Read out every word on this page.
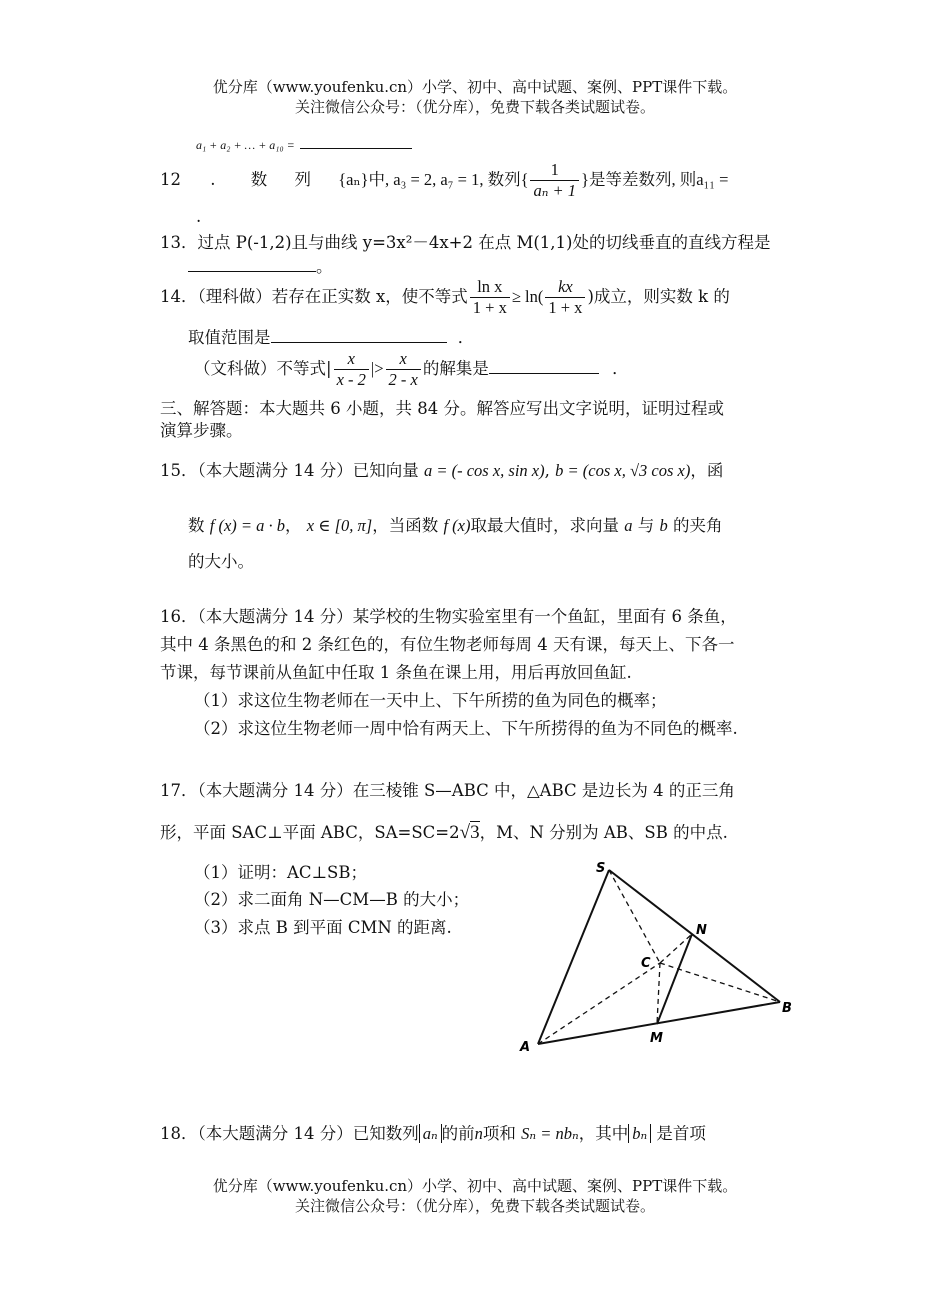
优分库（www.youfenku.cn）小学、初中、高中试题、案例、PPT课件下载。
关注微信公众号：（优分库），免费下载各类试题试卷。
a₁ + a₂ + … + a₁₀ =
12 . 数 列 {aₙ}中, a₃ = 2, a₇ = 1, 数列{ $\frac{1}{\text{aₙ + 1}}$ }是等差数列, 则a₁₁ =
.
13．过点 P(-1,2)且与曲线 y=3x²－4x+2 在点 M(1,1)处的切线垂直的直线方程是
。
14．（理科做）若存在正实数 x，使不等式 $\frac{\text{ln x}}{1 + x} \ge \ln( \frac{kx}{1 + x}$ )成立，则实数 k 的
取值范围是	．
（文科做）不等式| $\frac{x}{x - 2}$ |> $\frac{x}{2 - x}$ 的解集是	．
三、解答题：本大题共 6 小题，共 84 分。解答应写出文字说明，证明过程或
演算步骤。
15．（本大题满分 14 分）已知向量 a = (- cos x, sin x), b = (cos x, √3 cos x)，函
数 f (x) = a · b， x ∈ [0, π]，当函数 f (x)取最大值时，求向量 a 与 b 的夹角
的大小。
16．（本大题满分 14 分）某学校的生物实验室里有一个鱼缸，里面有 6 条鱼，
其中 4 条黑色的和 2 条红色的，有位生物老师每周 4 天有课，每天上、下各一
节课，每节课前从鱼缸中任取 1 条鱼在课上用，用后再放回鱼缸.
（1）求这位生物老师在一天中上、下午所捞的鱼为同色的概率；
（2）求这位生物老师一周中恰有两天上、下午所捞得的鱼为不同色的概率.
17．（本大题满分 14 分）在三棱锥 S—ABC 中，△ABC 是边长为 4 的正三角
形，平面 SAC⊥平面 ABC，SA=SC=2√3，M、N 分别为 AB、SB 的中点.
（1）证明：AC⊥SB；
（2）求二面角 N—CM—B 的大小；
（3）求点 B 到平面 CMN 的距离.
S
N
C
B
A
M
18．（本大题满分 14 分）已知数列 aₙ 的前n项和 Sₙ = nbₙ，其中 bₙ 是首项
优分库（www.youfenku.cn）小学、初中、高中试题、案例、PPT课件下载。
关注微信公众号：（优分库），免费下载各类试题试卷。
